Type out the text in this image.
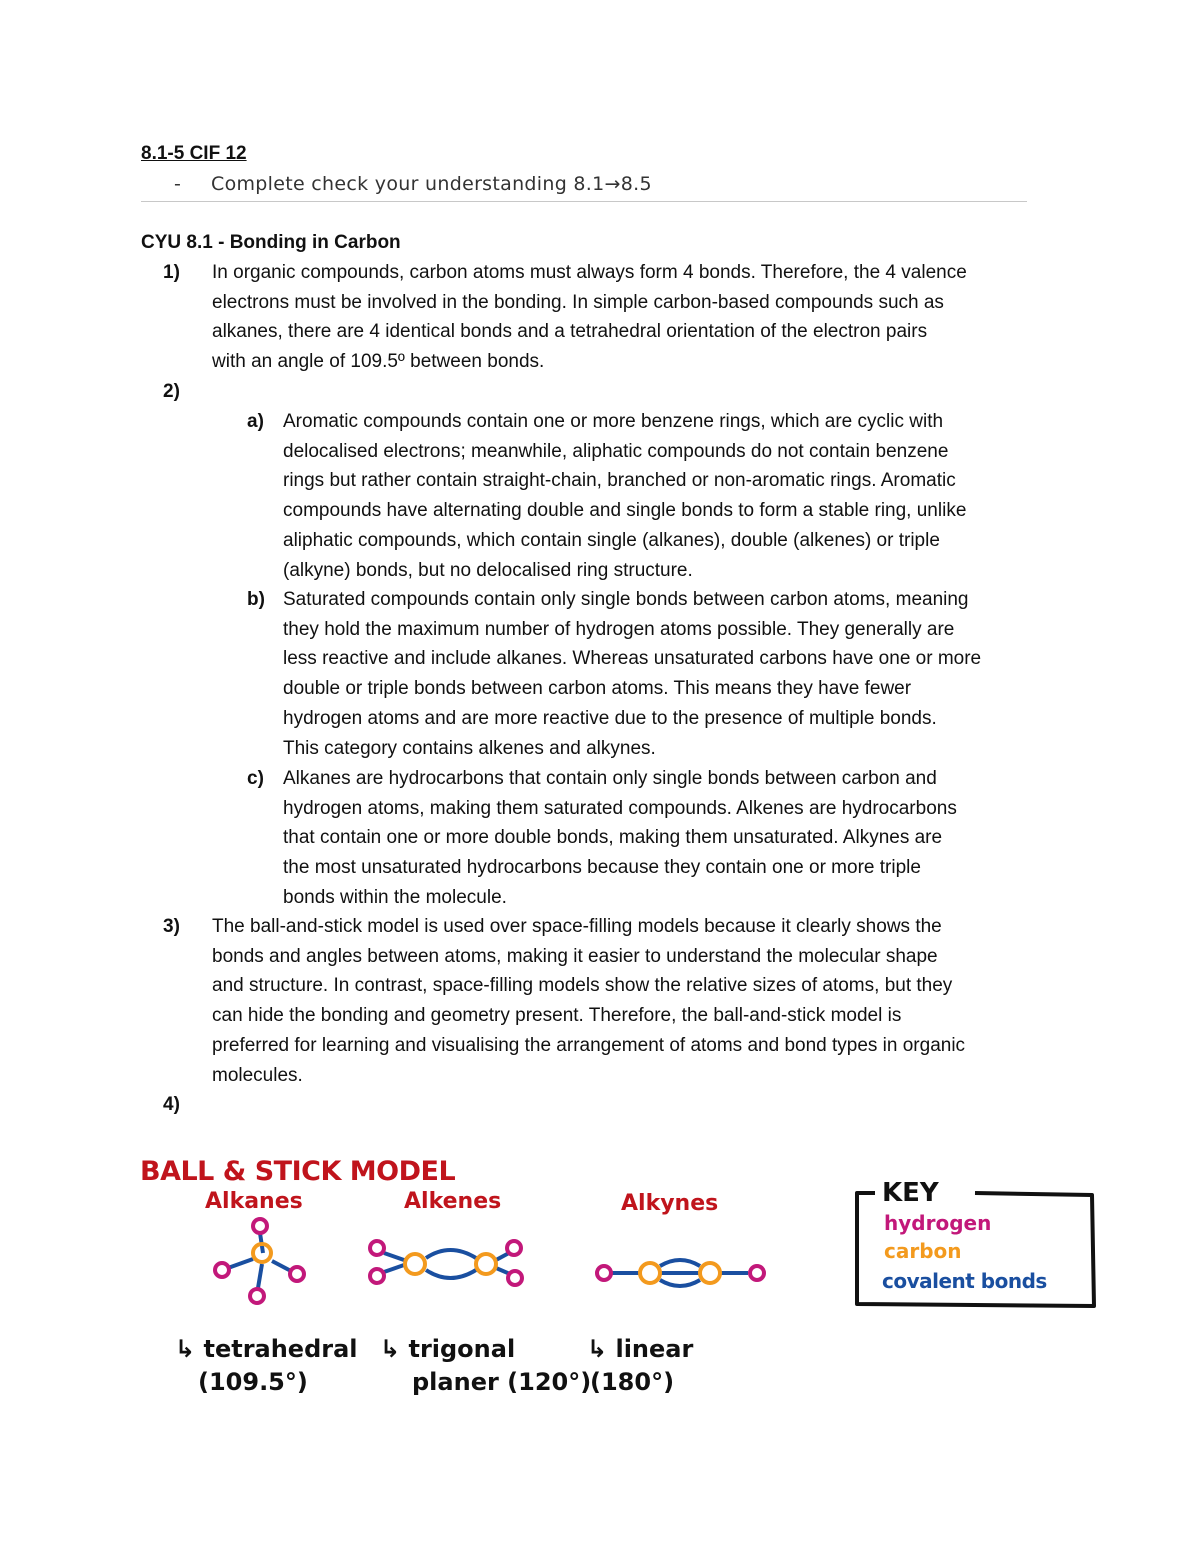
8.1-5 CIF 12
- Complete check your understanding 8.1→8.5
CYU 8.1 - Bonding in Carbon
1) In organic compounds, carbon atoms must always form 4 bonds. Therefore, the 4 valence
electrons must be involved in the bonding. In simple carbon-based compounds such as
alkanes, there are 4 identical bonds and a tetrahedral orientation of the electron pairs
with an angle of 109.5º between bonds.
2)
a) Aromatic compounds contain one or more benzene rings, which are cyclic with
delocalised electrons; meanwhile, aliphatic compounds do not contain benzene
rings but rather contain straight-chain, branched or non-aromatic rings. Aromatic
compounds have alternating double and single bonds to form a stable ring, unlike
aliphatic compounds, which contain single (alkanes), double (alkenes) or triple
(alkyne) bonds, but no delocalised ring structure.
b) Saturated compounds contain only single bonds between carbon atoms, meaning
they hold the maximum number of hydrogen atoms possible. They generally are
less reactive and include alkanes. Whereas unsaturated carbons have one or more
double or triple bonds between carbon atoms. This means they have fewer
hydrogen atoms and are more reactive due to the presence of multiple bonds.
This category contains alkenes and alkynes.
c) Alkanes are hydrocarbons that contain only single bonds between carbon and
hydrogen atoms, making them saturated compounds. Alkenes are hydrocarbons
that contain one or more double bonds, making them unsaturated. Alkynes are
the most unsaturated hydrocarbons because they contain one or more triple
bonds within the molecule.
3) The ball-and-stick model is used over space-filling models because it clearly shows the
bonds and angles between atoms, making it easier to understand the molecular shape
and structure. In contrast, space-filling models show the relative sizes of atoms, but they
can hide the bonding and geometry present. Therefore, the ball-and-stick model is
preferred for learning and visualising the arrangement of atoms and bond types in organic
molecules.
4)
BALL & STICK MODEL
Alkanes	Alkenes	Alkynes
↳ tetrahedral
(109.5°)
↳ trigonal
planer (120°)
↳ linear
(180°)
KEY
hydrogen
carbon
covalent bonds
